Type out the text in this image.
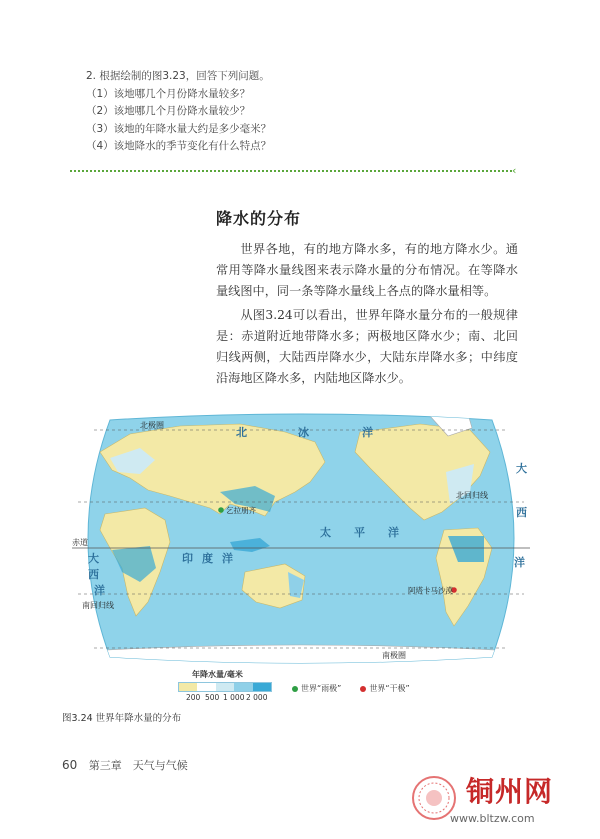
2. 根据绘制的图3.23，回答下列问题。
（1）该地哪几个月份降水量较多？
（2）该地哪几个月份降水量较少？
（3）该地的年降水量大约是多少毫米？
（4）该地降水的季节变化有什么特点？
‹
降水的分布

世界各地，有的地方降水多，有的地方降水少。通常用等降水量线图来表示降水量的分布情况。在等降水量线图中，同一条等降水量线上各点的降水量相等。

从图3.24可以看出，世界年降水量分布的一般规律是：赤道附近地带降水多；两极地区降水少；南、北回归线两侧，大陆西岸降水少，大陆东岸降水多；中纬度沿海地区降水多，内陆地区降水少。

北极圈
北回归线
赤道
南回归线
南极圈
北	冰	洋
大
西
洋
太 平 洋
印 度 洋
大
西
洋
乞拉朋齐
阿塔卡马沙漠
年降水量/毫米
200 500 1 000 2 000
世界“雨极”	世界“干极”
图3.24 世界年降水量的分布
60 第三章　天气与气候
铜州网
www.bltzw.com
